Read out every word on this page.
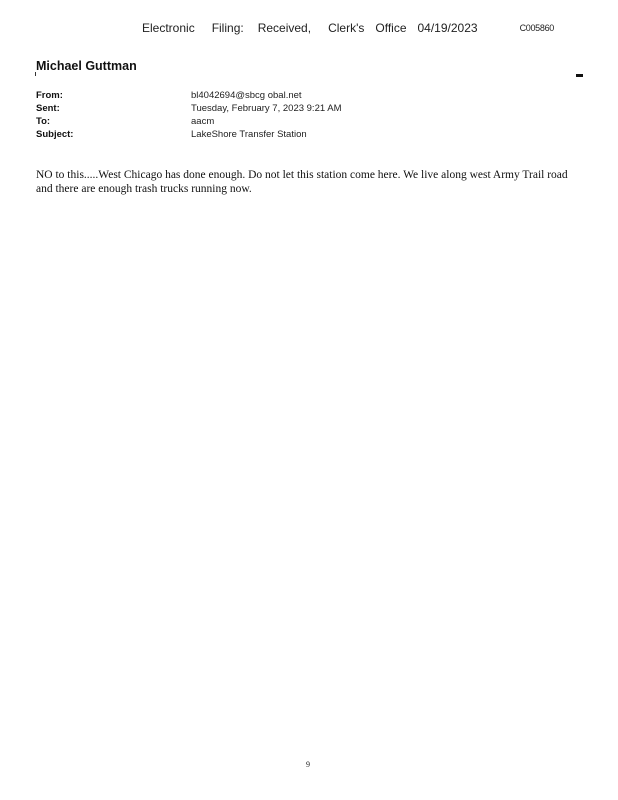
Electronic Filing: Received, Clerk's Office 04/19/2023	C005860
Michael Guttman
From:	bl4042694@sbcg obal.net
Sent:	Tuesday, February 7, 2023 9:21 AM
To:	aacm
Subject:	LakeShore Transfer Station
NO to this.....West Chicago has done enough. Do not let this station come here. We live along west Army Trail road and there are enough trash trucks running now.
9
